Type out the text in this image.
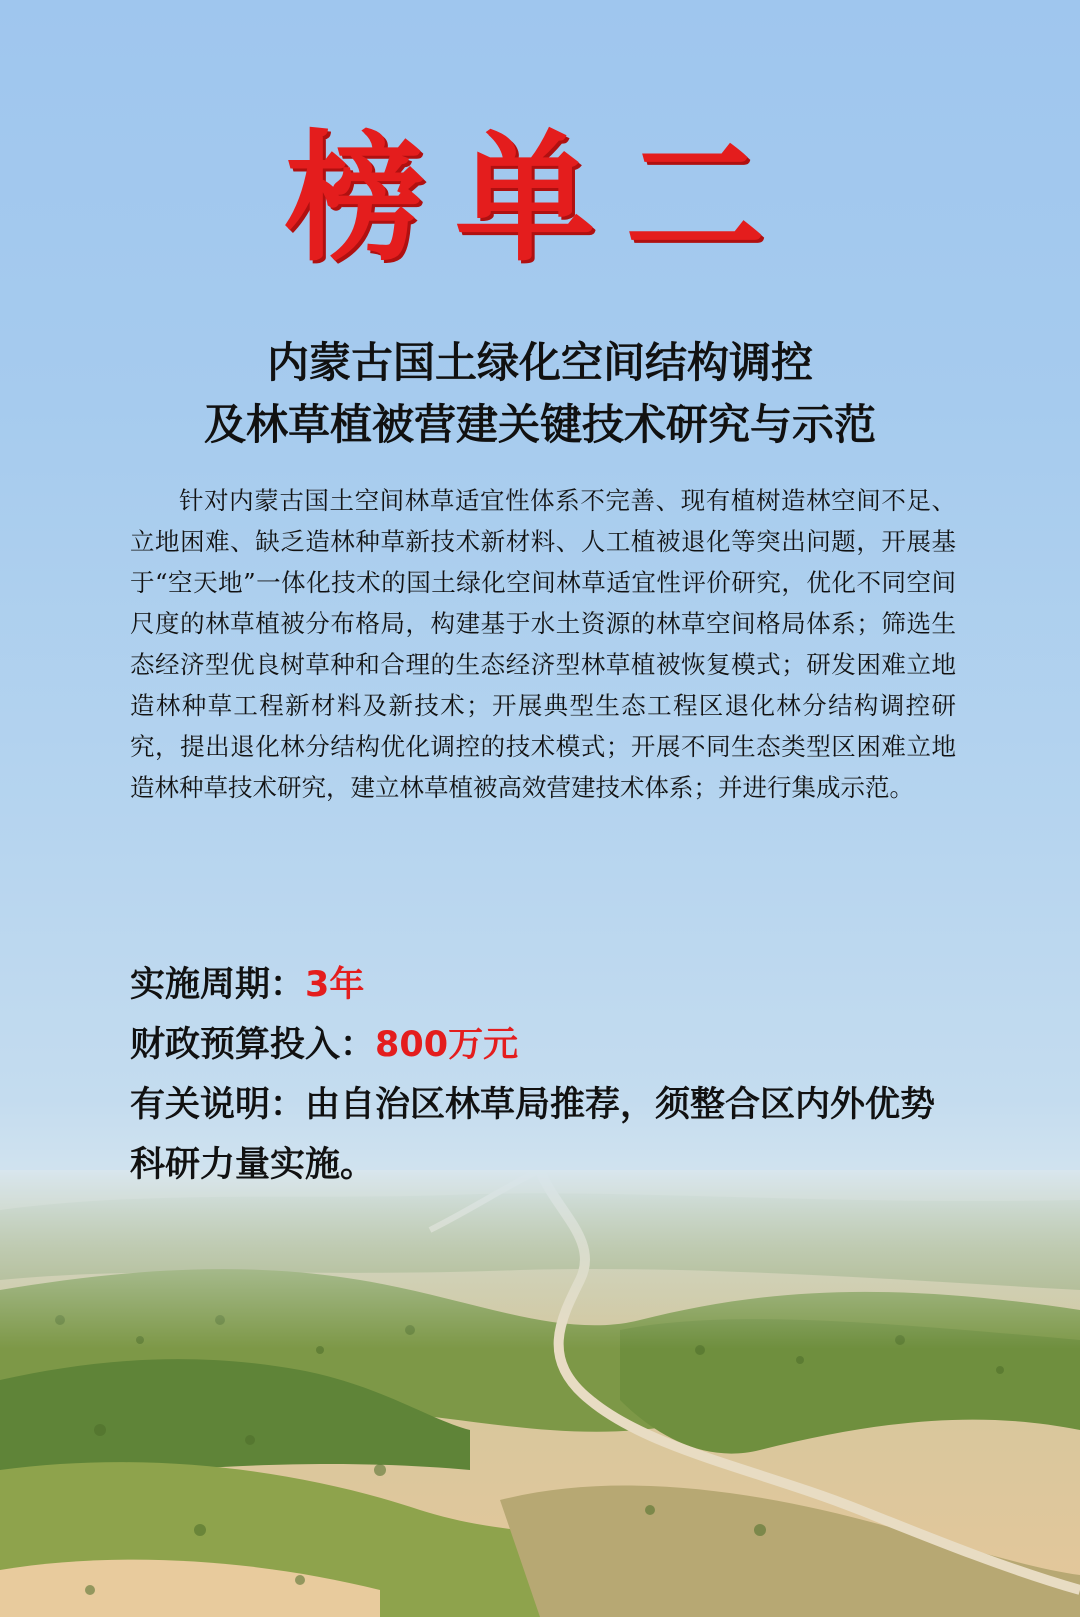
榜单二
内蒙古国土绿化空间结构调控
及林草植被营建关键技术研究与示范
针对内蒙古国土空间林草适宜性体系不完善、现有植树造林空间不足、立地困难、缺乏造林种草新技术新材料、人工植被退化等突出问题，开展基于“空天地”一体化技术的国土绿化空间林草适宜性评价研究，优化不同空间尺度的林草植被分布格局，构建基于水土资源的林草空间格局体系；筛选生态经济型优良树草种和合理的生态经济型林草植被恢复模式；研发困难立地造林种草工程新材料及新技术；开展典型生态工程区退化林分结构调控研究，提出退化林分结构优化调控的技术模式；开展不同生态类型区困难立地造林种草技术研究，建立林草植被高效营建技术体系；并进行集成示范。
实施周期：3年
财政预算投入：800万元
有关说明：由自治区林草局推荐，须整合区内外优势科研力量实施。
